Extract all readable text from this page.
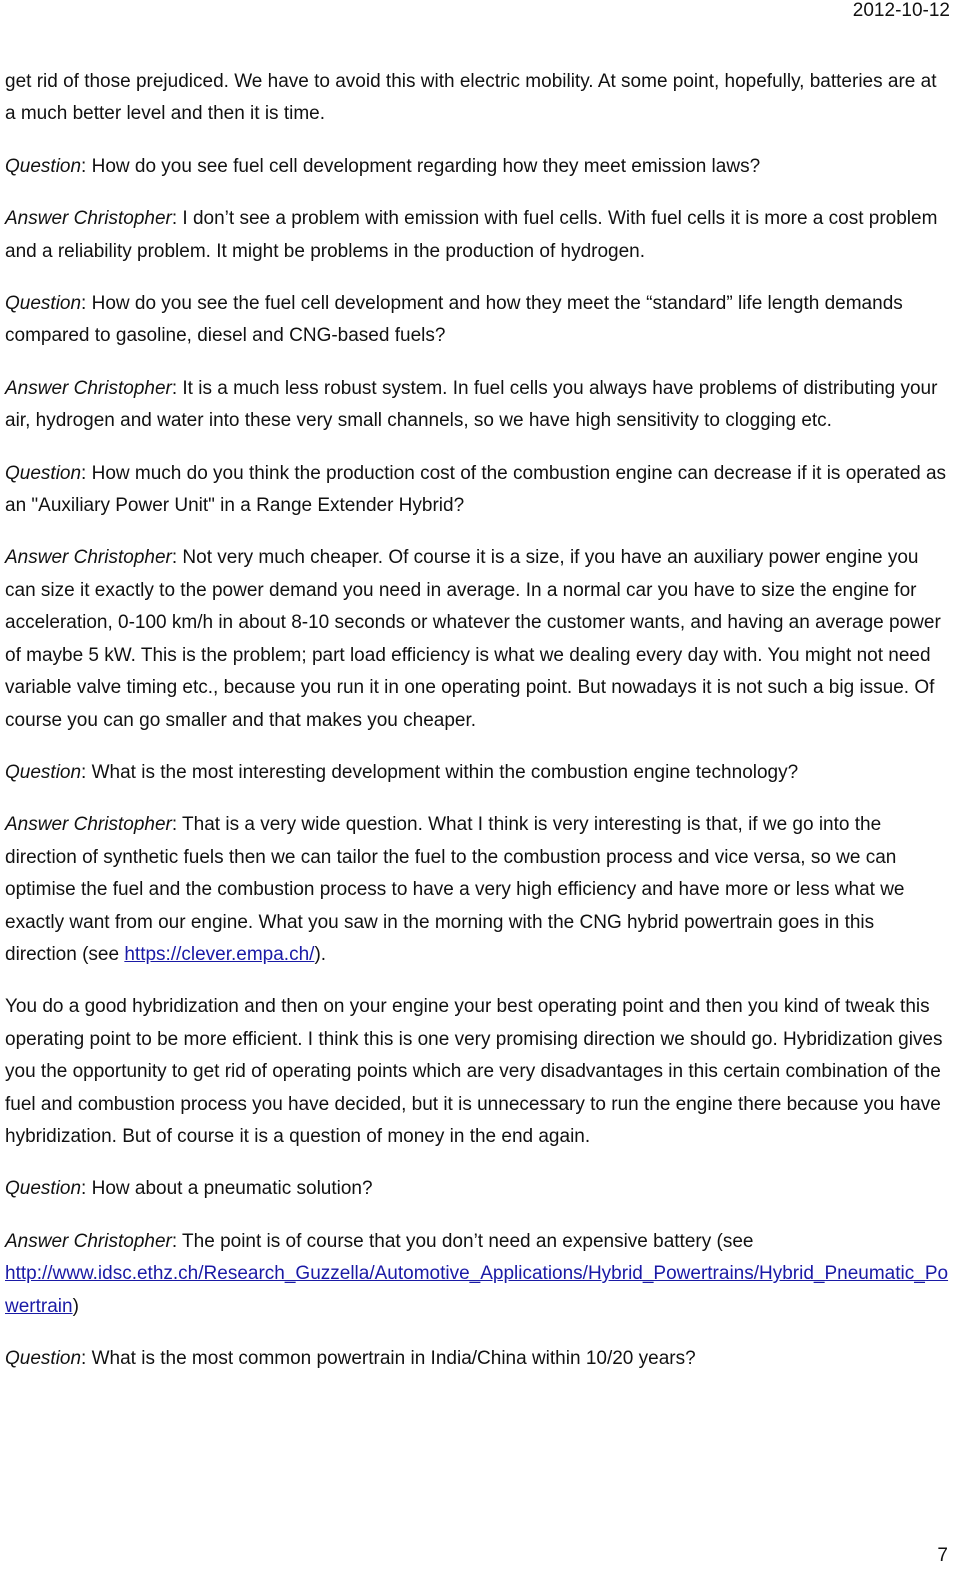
2012-10-12

get rid of those prejudiced. We have to avoid this with electric mobility. At some point, hopefully, batteries are at a much better level and then it is time.

Question: How do you see fuel cell development regarding how they meet emission laws?

Answer Christopher: I don’t see a problem with emission with fuel cells. With fuel cells it is more a cost problem and a reliability problem. It might be problems in the production of hydrogen.

Question: How do you see the fuel cell development and how they meet the “standard” life length demands compared to gasoline, diesel and CNG-based fuels?

Answer Christopher: It is a much less robust system. In fuel cells you always have problems of distributing your air, hydrogen and water into these very small channels, so we have high sensitivity to clogging etc.

Question: How much do you think the production cost of the combustion engine can decrease if it is operated as an "Auxiliary Power Unit" in a Range Extender Hybrid?

Answer Christopher: Not very much cheaper. Of course it is a size, if you have an auxiliary power engine you can size it exactly to the power demand you need in average. In a normal car you have to size the engine for acceleration, 0-100 km/h in about 8-10 seconds or whatever the customer wants, and having an average power of maybe 5 kW. This is the problem; part load efficiency is what we dealing every day with. You might not need variable valve timing etc., because you run it in one operating point. But nowadays it is not such a big issue. Of course you can go smaller and that makes you cheaper.

Question: What is the most interesting development within the combustion engine technology?

Answer Christopher: That is a very wide question. What I think is very interesting is that, if we go into the direction of synthetic fuels then we can tailor the fuel to the combustion process and vice versa, so we can optimise the fuel and the combustion process to have a very high efficiency and have more or less what we exactly want from our engine. What you saw in the morning with the CNG hybrid powertrain goes in this direction (see https://clever.empa.ch/).

You do a good hybridization and then on your engine your best operating point and then you kind of tweak this operating point to be more efficient. I think this is one very promising direction we should go. Hybridization gives you the opportunity to get rid of operating points which are very disadvantages in this certain combination of the fuel and combustion process you have decided, but it is unnecessary to run the engine there because you have hybridization. But of course it is a question of money in the end again.

Question: How about a pneumatic solution?

Answer Christopher: The point is of course that you don’t need an expensive battery (see
http://www.idsc.ethz.ch/Research_Guzzella/Automotive_Applications/Hybrid_Powertrains/Hybrid_Pneumatic_Powertrain)

Question: What is the most common powertrain in India/China within 10/20 years?

7
